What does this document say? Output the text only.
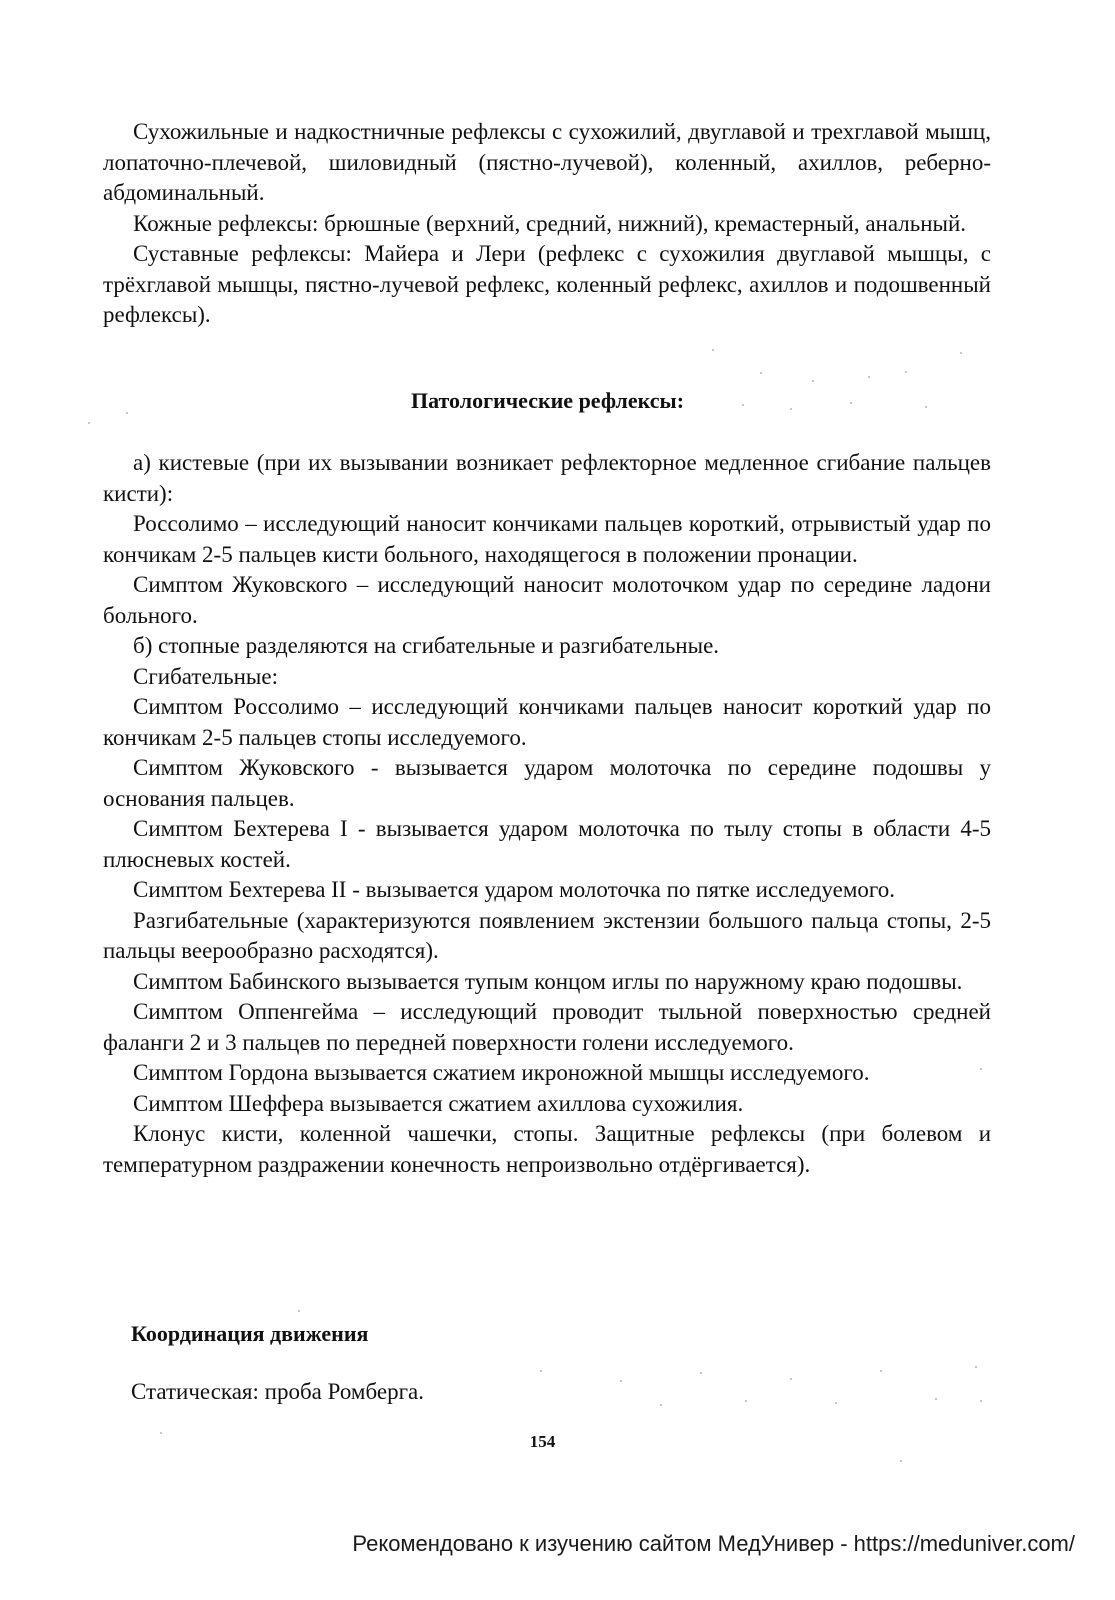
Сухожильные и надкостничные рефлексы с сухожилий, двуглавой и трехглавой мышц, лопаточно-плечевой, шиловидный (пястно-лучевой), коленный, ахиллов, реберно-абдоминальный.

Кожные рефлексы: брюшные (верхний, средний, нижний), кремастерный, анальный.

Суставные рефлексы: Майера и Лери (рефлекс с сухожилия двуглавой мышцы, с трёхглавой мышцы, пястно-лучевой рефлекс, коленный рефлекс, ахиллов и подошвенный рефлексы).

Патологические рефлексы:

а) кистевые (при их вызывании возникает рефлекторное медленное сгибание пальцев кисти):

Россолимо – исследующий наносит кончиками пальцев короткий, отрывистый удар по кончикам 2-5 пальцев кисти больного, находящегося в положении пронации.

Симптом Жуковского – исследующий наносит молоточком удар по середине ладони больного.

б) стопные разделяются на сгибательные и разгибательные.

Сгибательные:

Симптом Россолимо – исследующий кончиками пальцев наносит короткий удар по кончикам 2-5 пальцев стопы исследуемого.

Симптом Жуковского - вызывается ударом молоточка по середине подошвы у основания пальцев.

Симптом Бехтерева I - вызывается ударом молоточка по тылу стопы в области 4-5 плюсневых костей.

Симптом Бехтерева II - вызывается ударом молоточка по пятке исследуемого.

Разгибательные (характеризуются появлением экстензии большого пальца стопы, 2-5 пальцы веерообразно расходятся).

Симптом Бабинского вызывается тупым концом иглы по наружному краю подошвы.

Симптом Оппенгейма – исследующий проводит тыльной поверхностью средней фаланги 2 и 3 пальцев по передней поверхности голени исследуемого.

Симптом Гордона вызывается сжатием икроножной мышцы исследуемого.

Симптом Шеффера вызывается сжатием ахиллова сухожилия.

Клонус кисти, коленной чашечки, стопы. Защитные рефлексы (при болевом и температурном раздражении конечность непроизвольно отдёргивается).

Координация движения

Статическая: проба Ромберга.

154
Рекомендовано к изучению сайтом МедУнивер - https://meduniver.com/
